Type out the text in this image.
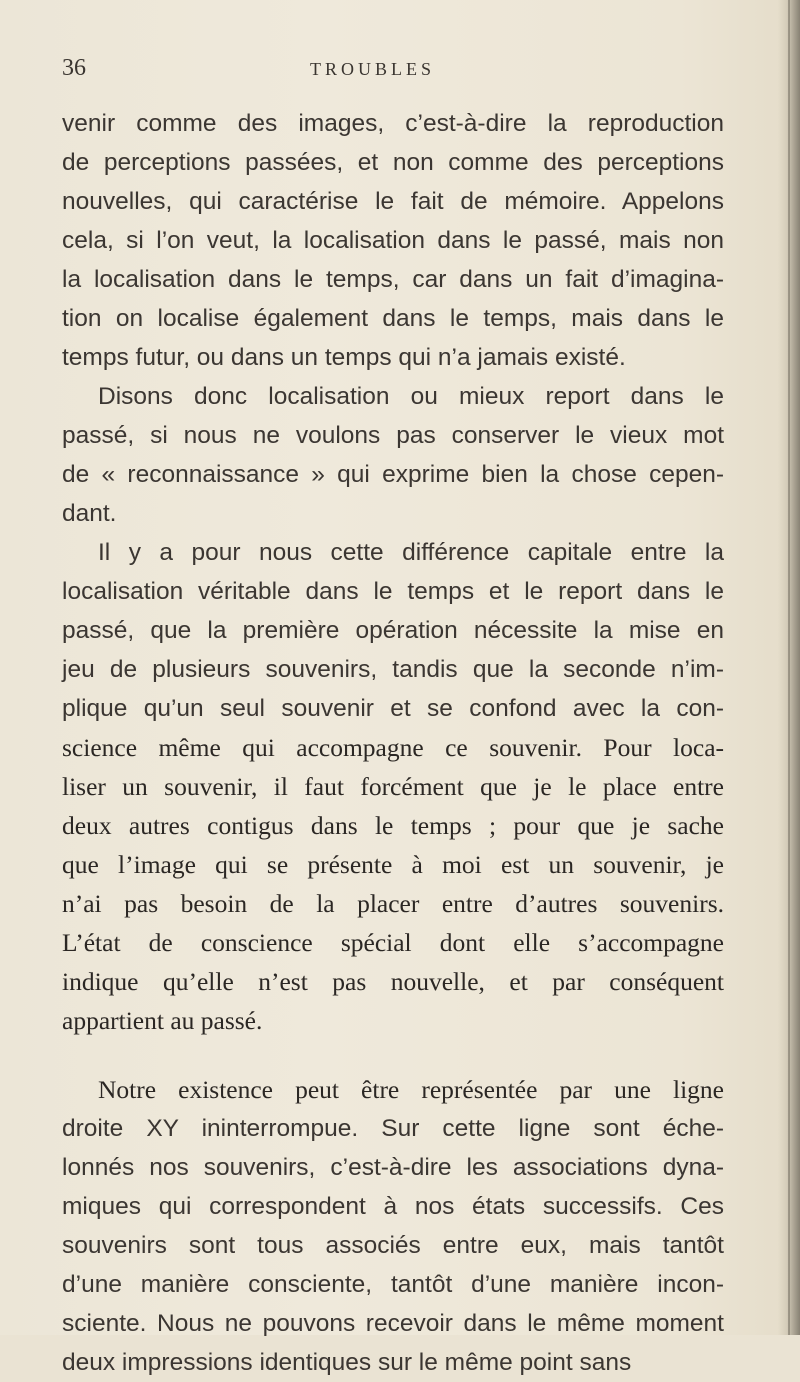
36	TROUBLES
venir comme des images, c’est-à-dire la reproduction
de perceptions passées, et non comme des perceptions
nouvelles, qui caractérise le fait de mémoire. Appelons
cela, si l’on veut, la localisation dans le passé, mais non
la localisation dans le temps, car dans un fait d’imagina-
tion on localise également dans le temps, mais dans le
temps futur, ou dans un temps qui n’a jamais existé.
Disons donc localisation ou mieux report dans le
passé, si nous ne voulons pas conserver le vieux mot
de « reconnaissance » qui exprime bien la chose cepen-
dant.
Il y a pour nous cette différence capitale entre la
localisation véritable dans le temps et le report dans le
passé, que la première opération nécessite la mise en
jeu de plusieurs souvenirs, tandis que la seconde n’im-
plique qu’un seul souvenir et se confond avec la con-
science même qui accompagne ce souvenir. Pour loca-
liser un souvenir, il faut forcément que je le place entre
deux autres contigus dans le temps ; pour que je sache
que l’image qui se présente à moi est un souvenir, je
n’ai pas besoin de la placer entre d’autres souvenirs.
L’état de conscience spécial dont elle s’accompagne
indique qu’elle n’est pas nouvelle, et par conséquent
appartient au passé.
Notre existence peut être représentée par une ligne
droite XY ininterrompue. Sur cette ligne sont éche-
lonnés nos souvenirs, c’est-à-dire les associations dyna-
miques qui correspondent à nos états successifs. Ces
souvenirs sont tous associés entre eux, mais tantôt
d’une manière consciente, tantôt d’une manière incon-
sciente. Nous ne pouvons recevoir dans le même moment
deux impressions identiques sur le même point sans
